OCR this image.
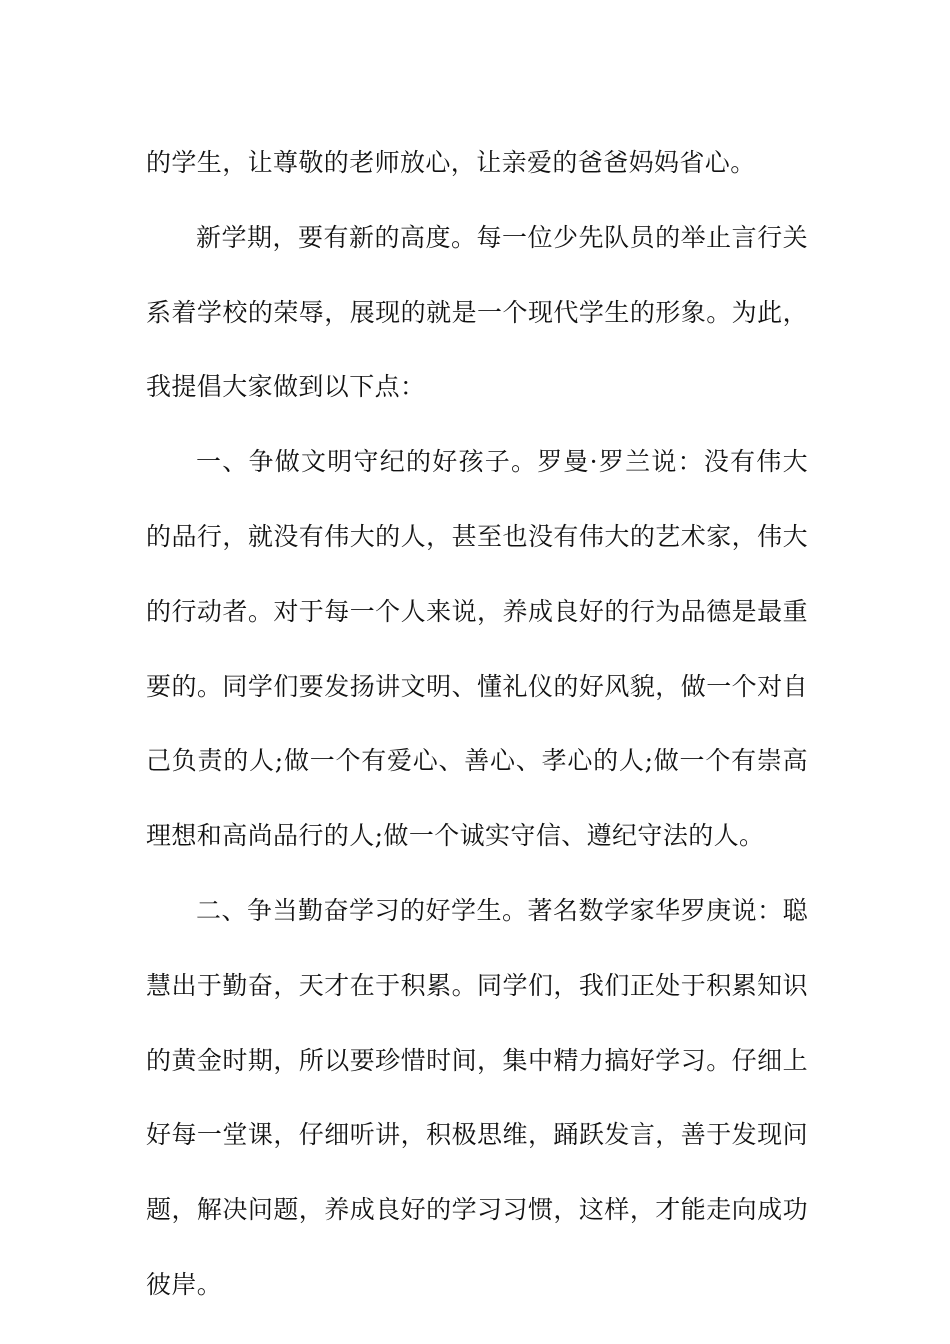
的学生，让尊敬的老师放心，让亲爱的爸爸妈妈省心。

新学期，要有新的高度。每一位少先队员的举止言行关系着学校的荣辱，展现的就是一个现代学生的形象。为此，我提倡大家做到以下点：

一、争做文明守纪的好孩子。罗曼·罗兰说：没有伟大的品行，就没有伟大的人，甚至也没有伟大的艺术家，伟大的行动者。对于每一个人来说，养成良好的行为品德是最重要的。同学们要发扬讲文明、懂礼仪的好风貌，做一个对自己负责的人;做一个有爱心、善心、孝心的人;做一个有崇高理想和高尚品行的人;做一个诚实守信、遵纪守法的人。

二、争当勤奋学习的好学生。著名数学家华罗庚说：聪慧出于勤奋，天才在于积累。同学们，我们正处于积累知识的黄金时期，所以要珍惜时间，集中精力搞好学习。仔细上好每一堂课，仔细听讲，积极思维，踊跃发言，善于发现问题，解决问题，养成良好的学习习惯，这样，才能走向成功彼岸。
